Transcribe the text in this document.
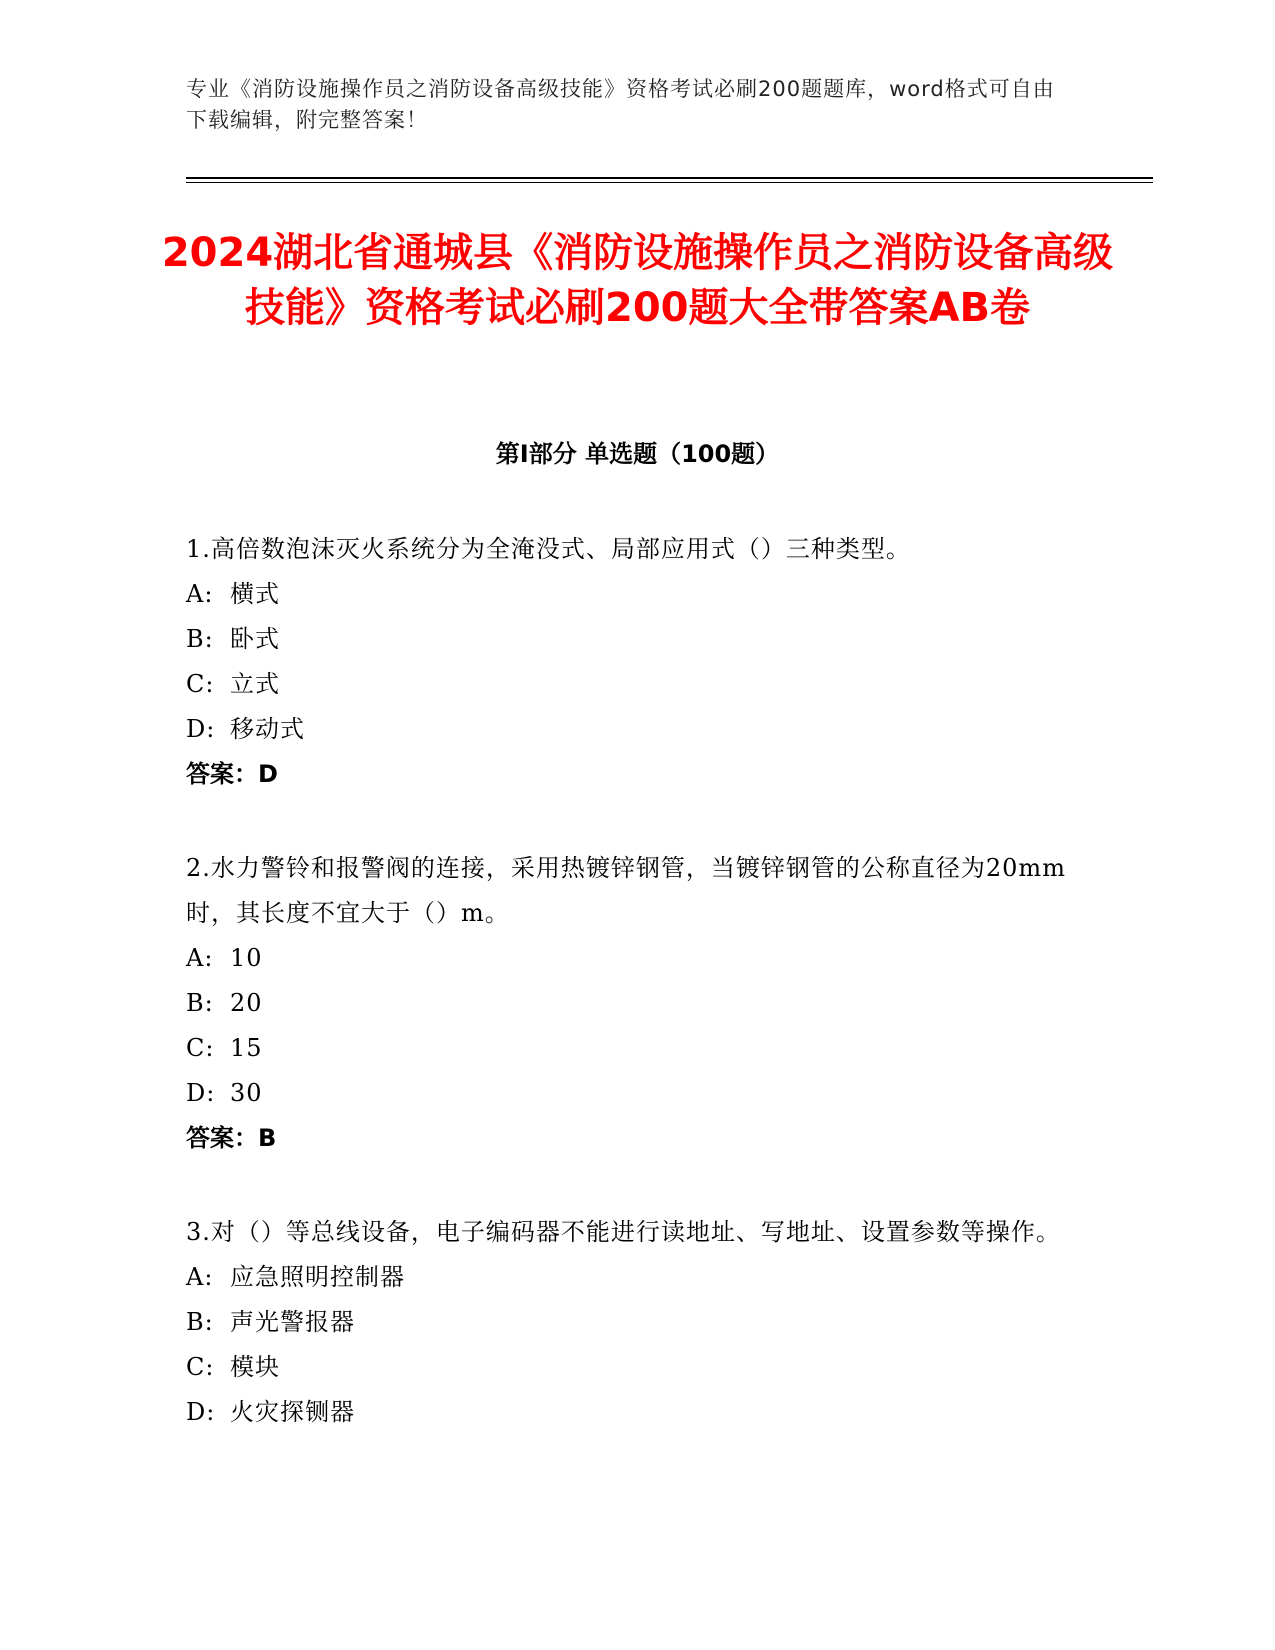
专业《消防设施操作员之消防设备高级技能》资格考试必刷200题题库，word格式可自由下载编辑，附完整答案！
2024湖北省通城县《消防设施操作员之消防设备高级技能》资格考试必刷200题大全带答案AB卷
第Ⅰ部分 单选题（100题）
1.高倍数泡沫灭火系统分为全淹没式、局部应用式（）三种类型。
A: 横式
B: 卧式
C: 立式
D: 移动式
答案：D
2.水力警铃和报警阀的连接，采用热镀锌钢管，当镀锌钢管的公称直径为20mm时，其长度不宜大于（）m。
A: 10
B: 20
C: 15
D: 30
答案：B
3.对（）等总线设备，电子编码器不能进行读地址、写地址、设置参数等操作。
A: 应急照明控制器
B: 声光警报器
C: 模块
D: 火灾探铡器
